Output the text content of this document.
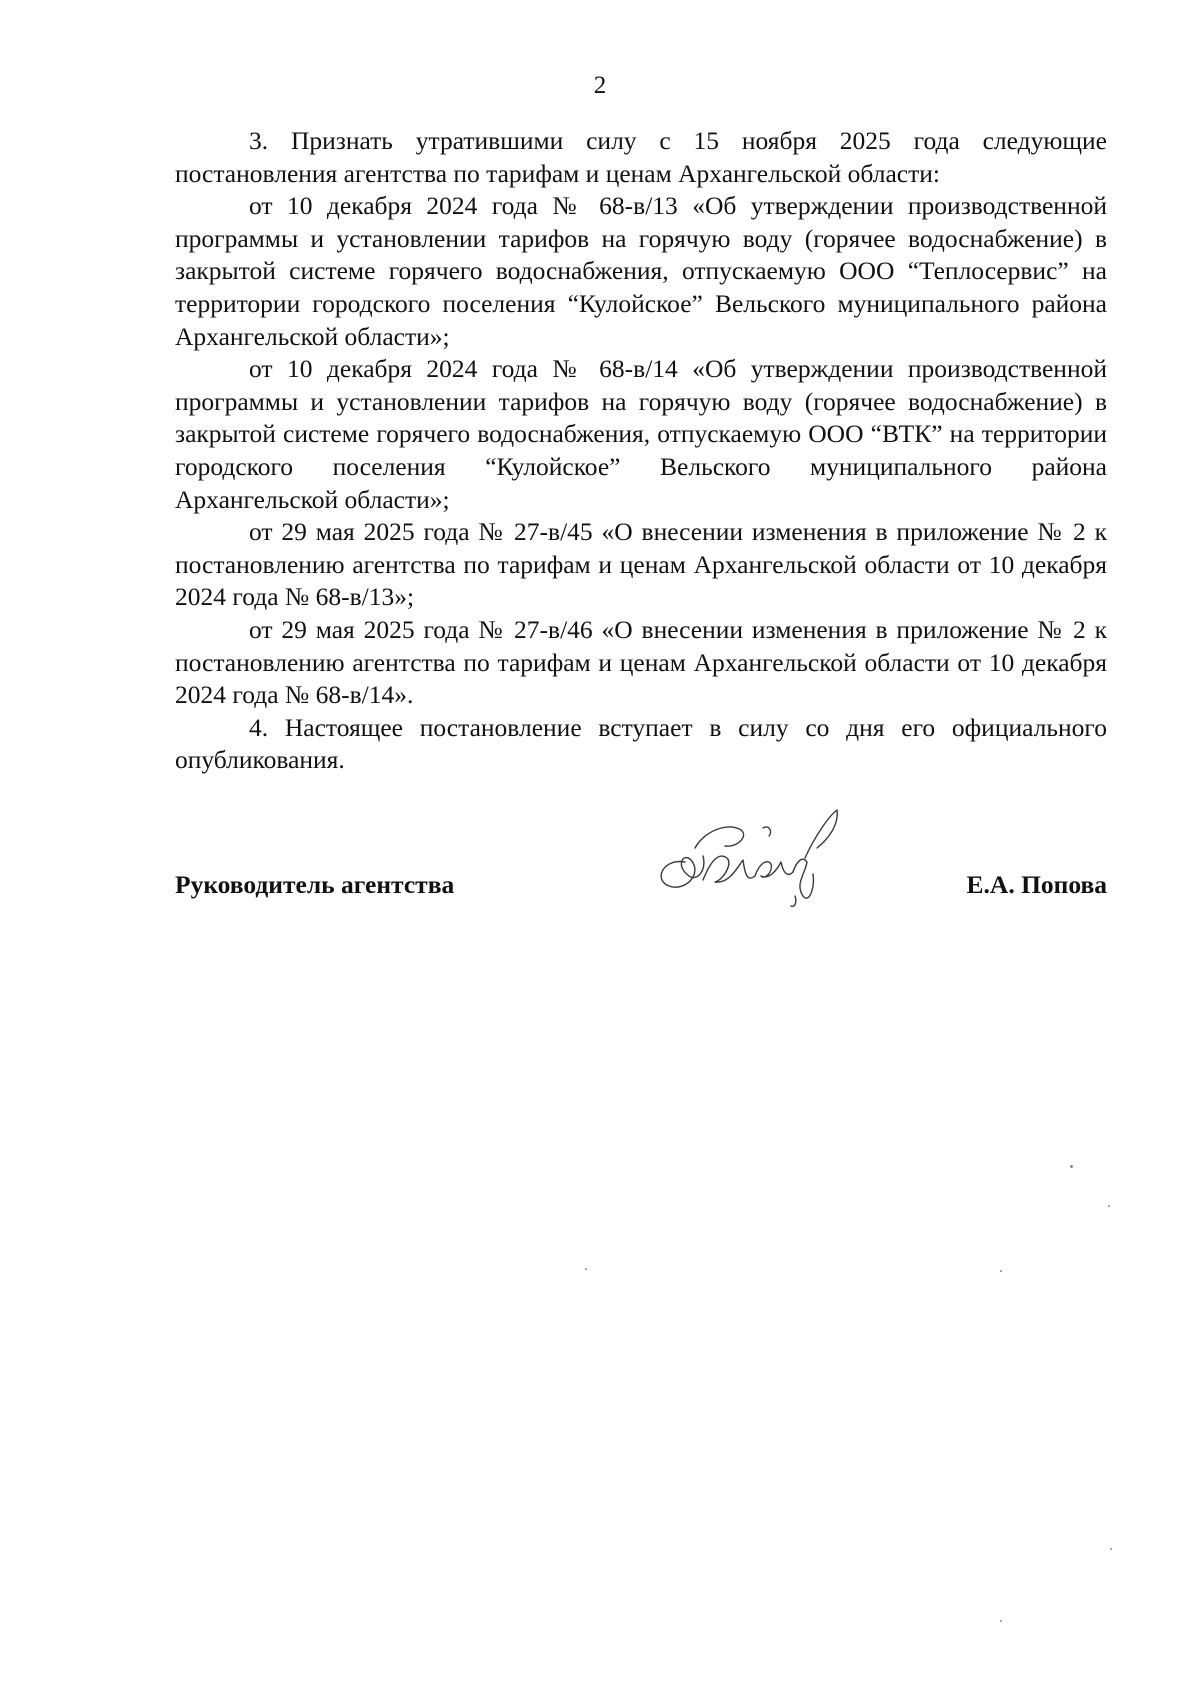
2

3. Признать утратившими силу с 15 ноября 2025 года следующие постановления агентства по тарифам и ценам Архангельской области:

от 10 декабря 2024 года № 68-в/13 «Об утверждении производственной программы и установлении тарифов на горячую воду (горячее водоснабжение) в закрытой системе горячего водоснабжения, отпускаемую ООО “Теплосервис” на территории городского поселения “Кулойское” Вельского муниципального района Архангельской области»;

от 10 декабря 2024 года № 68-в/14 «Об утверждении производственной программы и установлении тарифов на горячую воду (горячее водоснабжение) в закрытой системе горячего водоснабжения, отпускаемую ООО “ВТК” на территории городского поселения “Кулойское” Вельского муниципального района Архангельской области»;

от 29 мая 2025 года № 27-в/45 «О внесении изменения в приложение № 2 к постановлению агентства по тарифам и ценам Архангельской области от 10 декабря 2024 года № 68-в/13»;

от 29 мая 2025 года № 27-в/46 «О внесении изменения в приложение № 2 к постановлению агентства по тарифам и ценам Архангельской области от 10 декабря 2024 года № 68-в/14».

4. Настоящее постановление вступает в силу со дня его официального опубликования.

Руководитель агентства	Е.А. Попова
